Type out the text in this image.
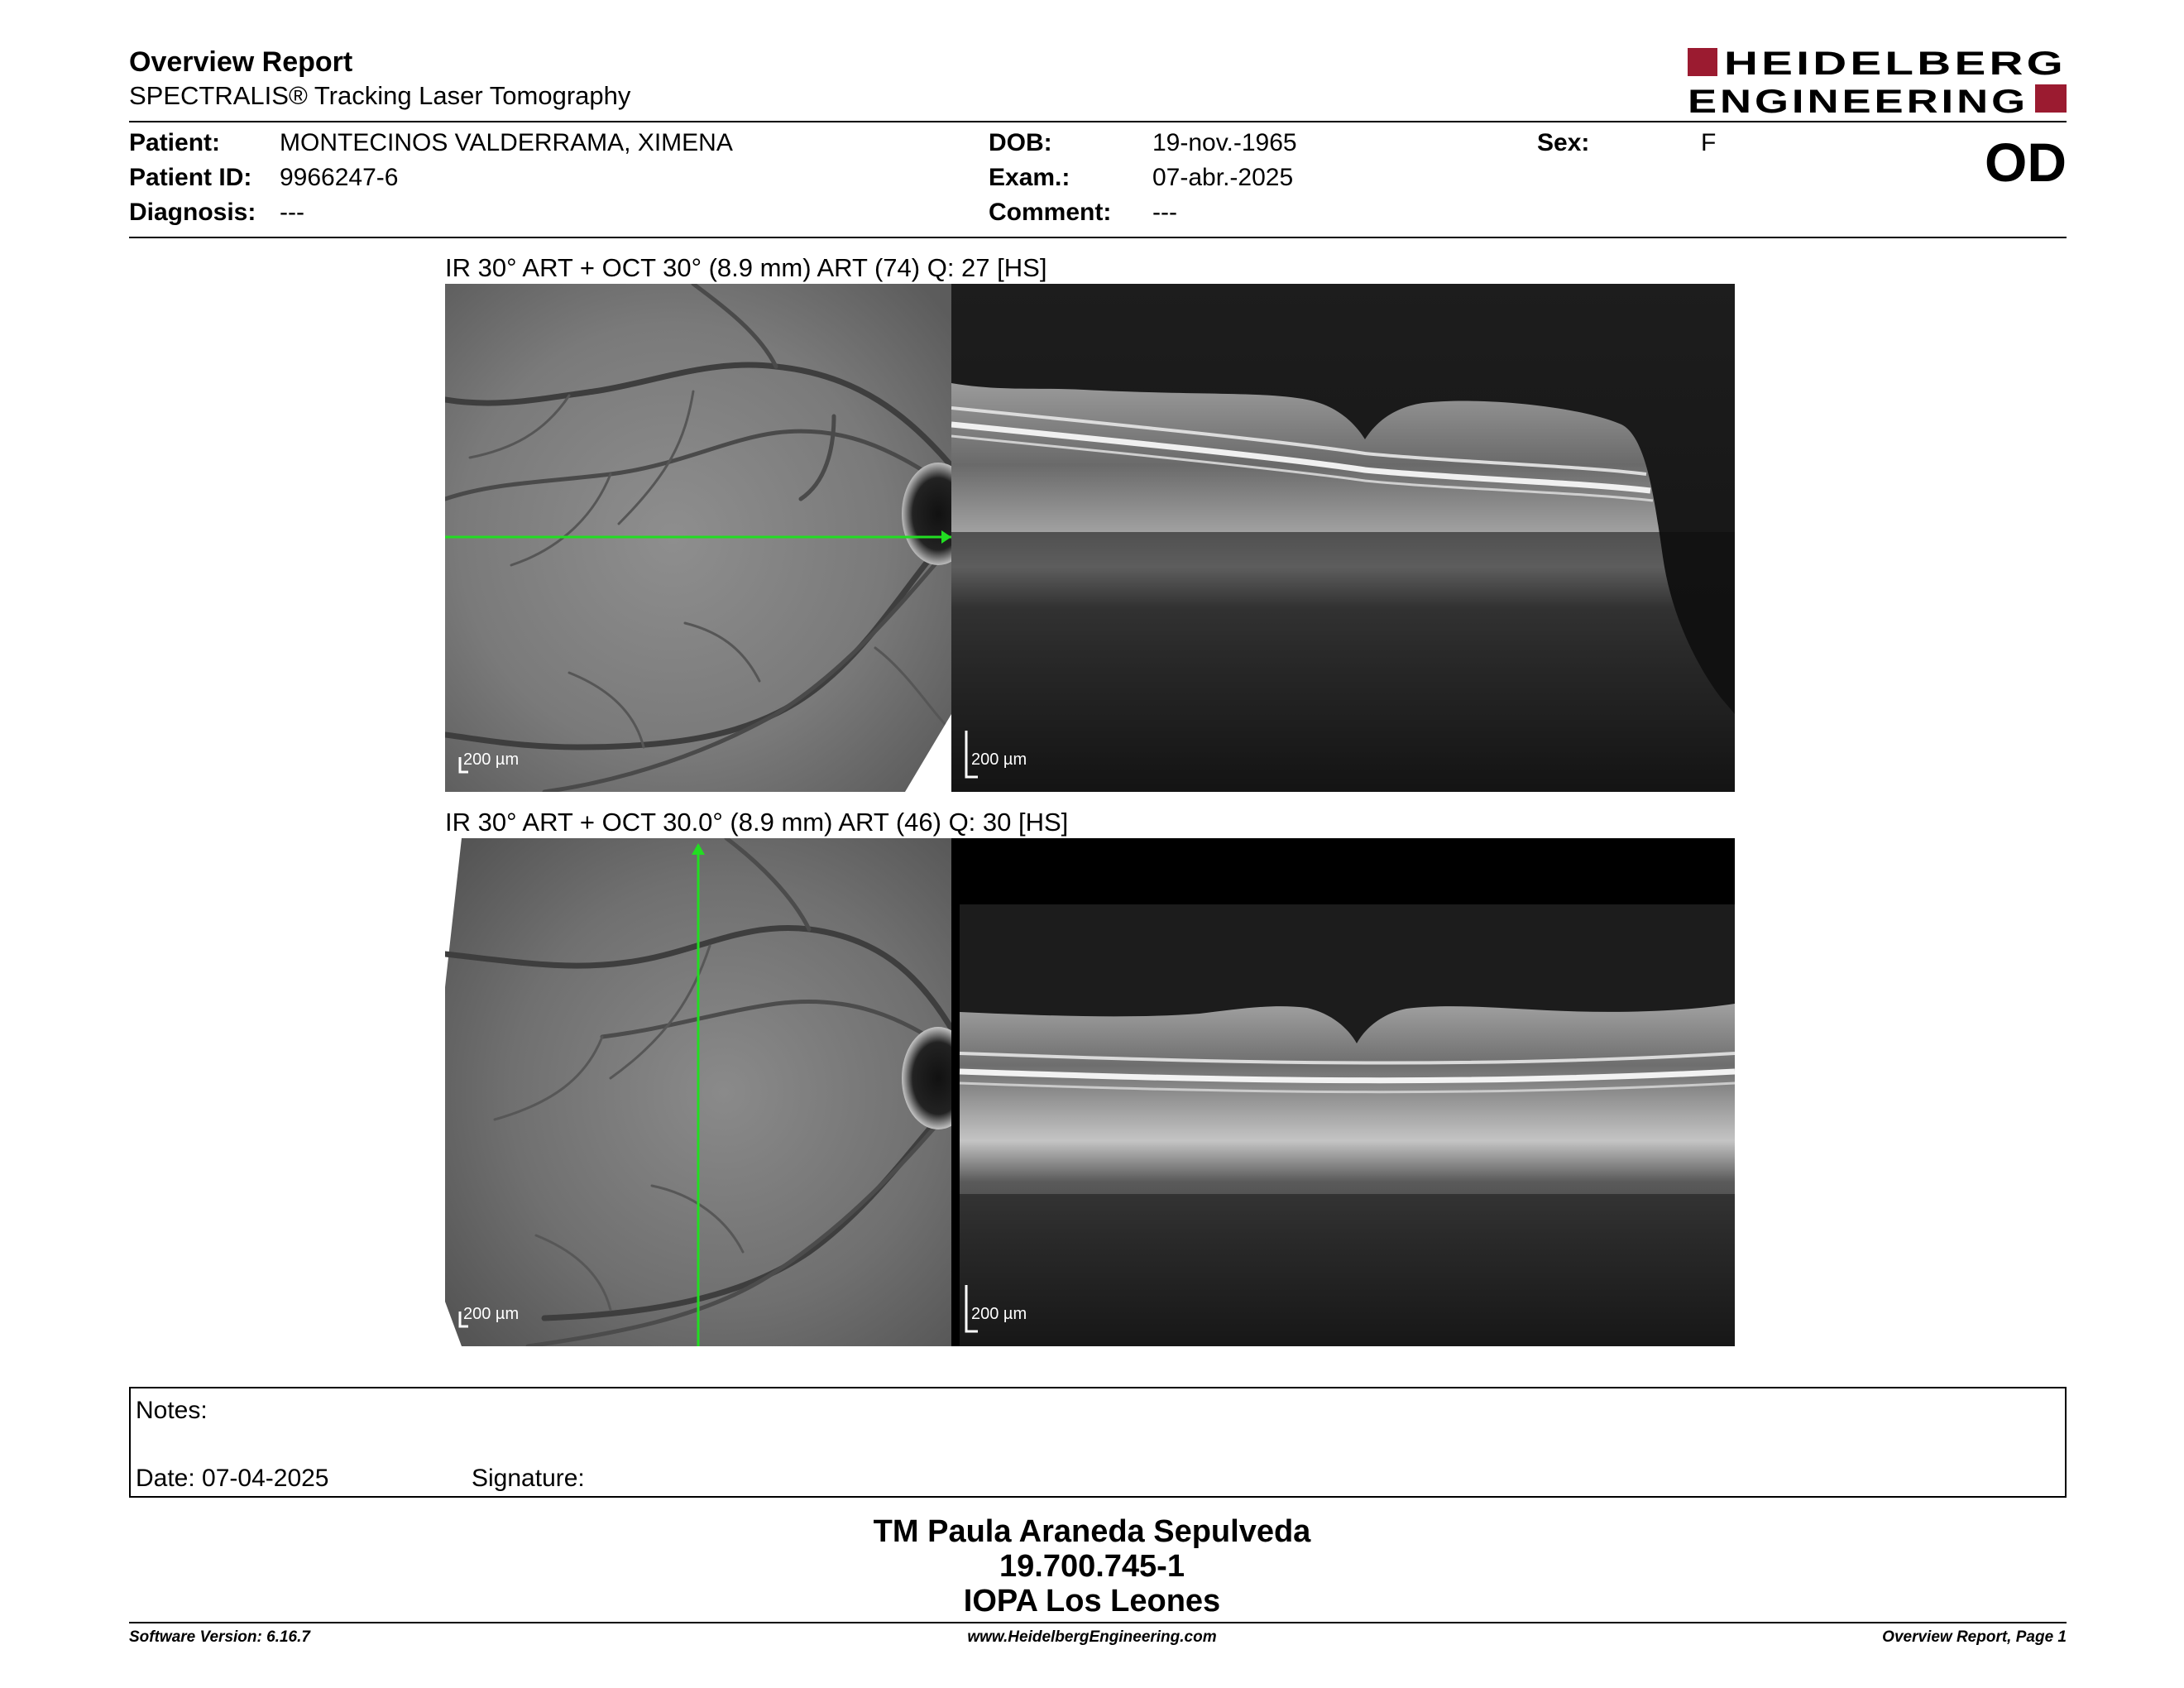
Overview Report
SPECTRALIS® Tracking Laser Tomography
HEIDELBERG
ENGINEERING
Patient: MONTECINOS VALDERRAMA, XIMENA
Patient ID: 9966247-6
Diagnosis: ---
DOB:	19-nov.-1965
Exam.:	07-abr.-2025
Comment: ---
Sex:	F	OD
IR 30° ART + OCT 30° (8.9 mm) ART (74) Q: 27 [HS]
200 µm	200 µm
IR 30° ART + OCT 30.0° (8.9 mm) ART (46) Q: 30 [HS]
200 µm	200 µm
Notes:
Date: 07-04-2025	Signature:
TM Paula Araneda Sepulveda
19.700.745-1
IOPA Los Leones
Software Version: 6.16.7	www.HeidelbergEngineering.com	Overview Report, Page 1
